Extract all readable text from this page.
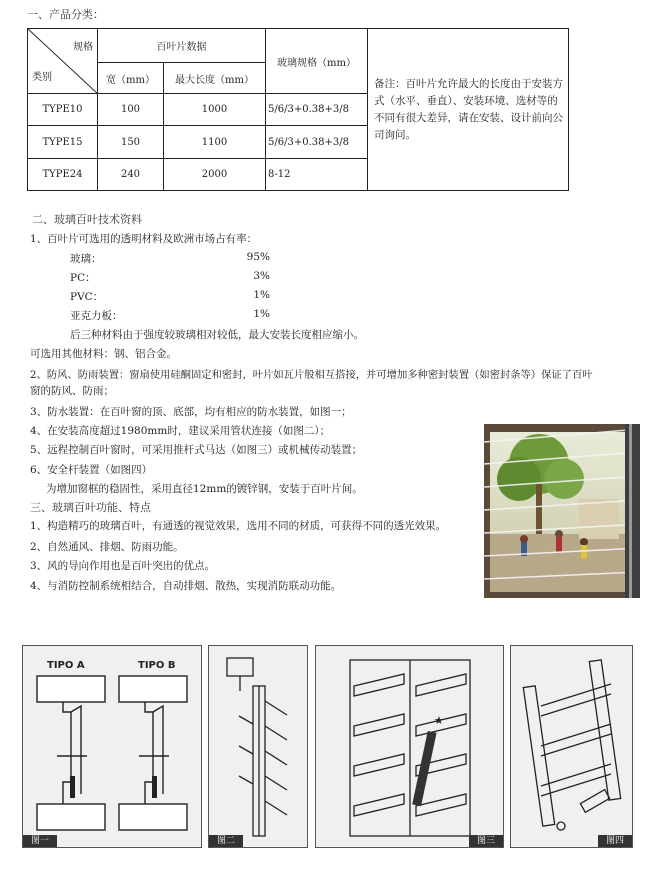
一、产品分类：
规格
类别	百叶片数据		玻璃规格（mm）	备注：百叶片允许最大的长度由于安装方式（水平、垂直）、安装环境、选材等的不同有很大差异，请在安装、设计前向公司询问。
	宽（mm）	最大长度（mm）		
TYPE10	100	1000	5/6/3+0.38+3/8	
TYPE15	150	1100	5/6/3+0.38+3/8	
TYPE24	240	2000	8-12	
二、玻璃百叶技术资料
1、百叶片可选用的透明材料及欧洲市场占有率：
玻璃：	95%
PC：	3%
PVC：	1%
亚克力板：	1%
后三种材料由于强度较玻璃相对较低，最大安装长度相应缩小。
可选用其他材料：钢、铝合金。
2、防风、防雨装置：窗扇使用硅酮固定和密封，叶片如瓦片般相互搭接，并可增加多种密封装置（如密封条等）保证了百叶
窗的防风、防雨；
3、防水装置：在百叶窗的顶、底部，均有相应的防水装置，如图一；
4、在安装高度超过1980mm时，建议采用管状连接（如图二）；
5、远程控制百叶窗时，可采用推杆式马达（如图三）或机械传动装置；
6、安全杆装置（如图四）
为增加窗框的稳固性，采用直径12mm的镀锌钢，安装于百叶片间。
三、玻璃百叶功能、特点
1、构造精巧的玻璃百叶，有通透的视觉效果，选用不同的材质，可获得不同的透光效果。
2、自然通风、排烟、防雨功能。
3、风的导向作用也是百叶突出的优点。
4、与消防控制系统相结合，自动排烟、散热，实现消防联动功能。
TIPO A	TIPO B
图一	图二
★
图三	图四
